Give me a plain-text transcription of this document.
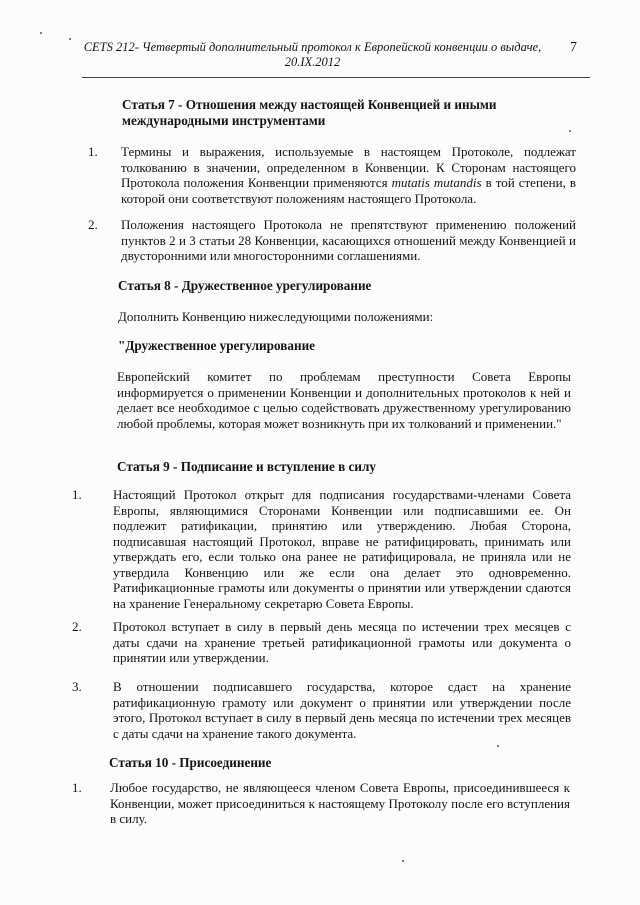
CETS 212- Четвертый дополнительный протокол к Европейской конвенции о выдаче,
20.IX.2012
7
Статья 7 - Отношения между настоящей Конвенцией и иными международными инструментами
1. Термины и выражения, используемые в настоящем Протоколе, подлежат толкованию в значении, определенном в Конвенции. К Сторонам настоящего Протокола положения Конвенции применяются mutatis mutandis в той степени, в которой они соответствуют положениям настоящего Протокола.
2. Положения настоящего Протокола не препятствуют применению положений пунктов 2 и 3 статьи 28 Конвенции, касающихся отношений между Конвенцией и двусторонними или многосторонними соглашениями.
Статья 8 - Дружественное урегулирование
Дополнить Конвенцию нижеследующими положениями:
"Дружественное урегулирование
Европейский комитет по проблемам преступности Совета Европы информируется о применении Конвенции и дополнительных протоколов к ней и делает все необходимое с целью содействовать дружественному урегулированию любой проблемы, которая может возникнуть при их толкований и применении."
Статья 9 - Подписание и вступление в силу
1. Настоящий Протокол открыт для подписания государствами-членами Совета Европы, являющимися Сторонами Конвенции или подписавшими ее. Он подлежит ратификации, принятию или утверждению. Любая Сторона, подписавшая настоящий Протокол, вправе не ратифицировать, принимать или утверждать его, если только она ранее не ратифицировала, не приняла или не утвердила Конвенцию или же если она делает это одновременно. Ратификационные грамоты или документы о принятии или утверждении сдаются на хранение Генеральному секретарю Совета Европы.
2. Протокол вступает в силу в первый день месяца по истечении трех месяцев с даты сдачи на хранение третьей ратификационной грамоты или документа о принятии или утверждении.
3. В отношении подписавшего государства, которое сдаст на хранение ратификационную грамоту или документ о принятии или утверждении после этого, Протокол вступает в силу в первый день месяца по истечении трех месяцев с даты сдачи на хранение такого документа.
Статья 10 - Присоединение
1. Любое государство, не являющееся членом Совета Европы, присоединившееся к Конвенции, может присоединиться к настоящему Протоколу после его вступления в силу.
